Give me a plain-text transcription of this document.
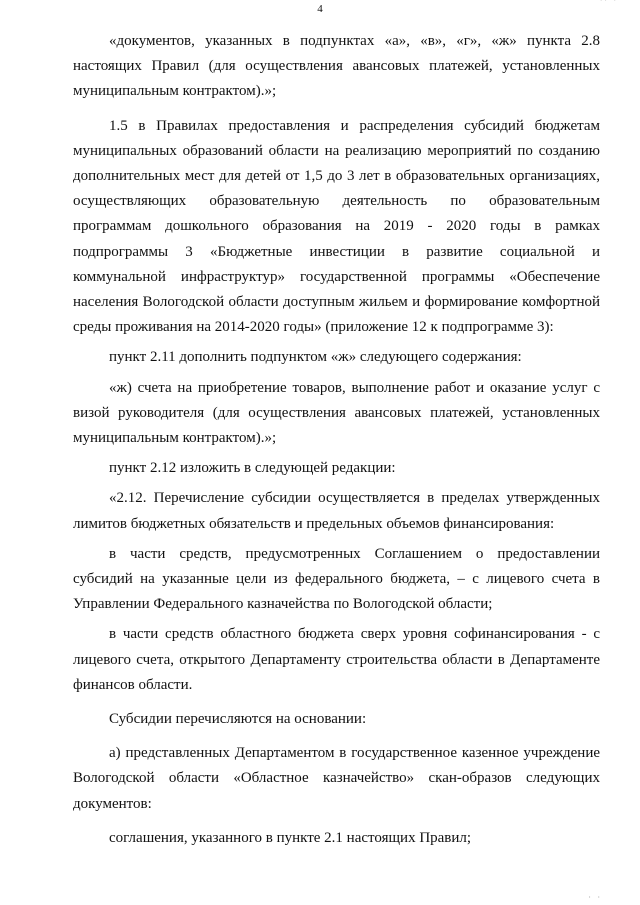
·· ·
4

«документов, указанных в подпунктах «а», «в», «г», «ж» пункта 2.8 настоящих Правил (для осуществления авансовых платежей, установленных муниципальным контрактом).»;

1.5 в Правилах предоставления и распределения субсидий бюджетам муниципальных образований области на реализацию мероприятий по созданию дополнительных мест для детей от 1,5 до 3 лет в образовательных организациях, осуществляющих образовательную деятельность по образовательным программам дошкольного образования на 2019 - 2020 годы в рамках подпрограммы 3 «Бюджетные инвестиции в развитие социальной и коммунальной инфраструктур» государственной программы «Обеспечение населения Вологодской области доступным жильем и формирование комфортной среды проживания на 2014-2020 годы» (приложение 12 к подпрограмме 3):

пункт 2.11 дополнить подпунктом «ж» следующего содержания:

«ж) счета на приобретение товаров, выполнение работ и оказание услуг с визой руководителя (для осуществления авансовых платежей, установленных муниципальным контрактом).»;

пункт 2.12 изложить в следующей редакции:

«2.12. Перечисление субсидии осуществляется в пределах утвержденных лимитов бюджетных обязательств и предельных объемов финансирования:

в части средств, предусмотренных Соглашением о предоставлении субсидий на указанные цели из федерального бюджета, – с лицевого счета в Управлении Федерального казначейства по Вологодской области;

в части средств областного бюджета сверх уровня софинансирования - с лицевого счета, открытого Департаменту строительства области в Департаменте финансов области.

Субсидии перечисляются на основании:

а) представленных Департаментом в государственное казенное учреждение Вологодской области «Областное казначейство» скан-образов следующих документов:

соглашения, указанного в пункте 2.1 настоящих Правил;

· ·
